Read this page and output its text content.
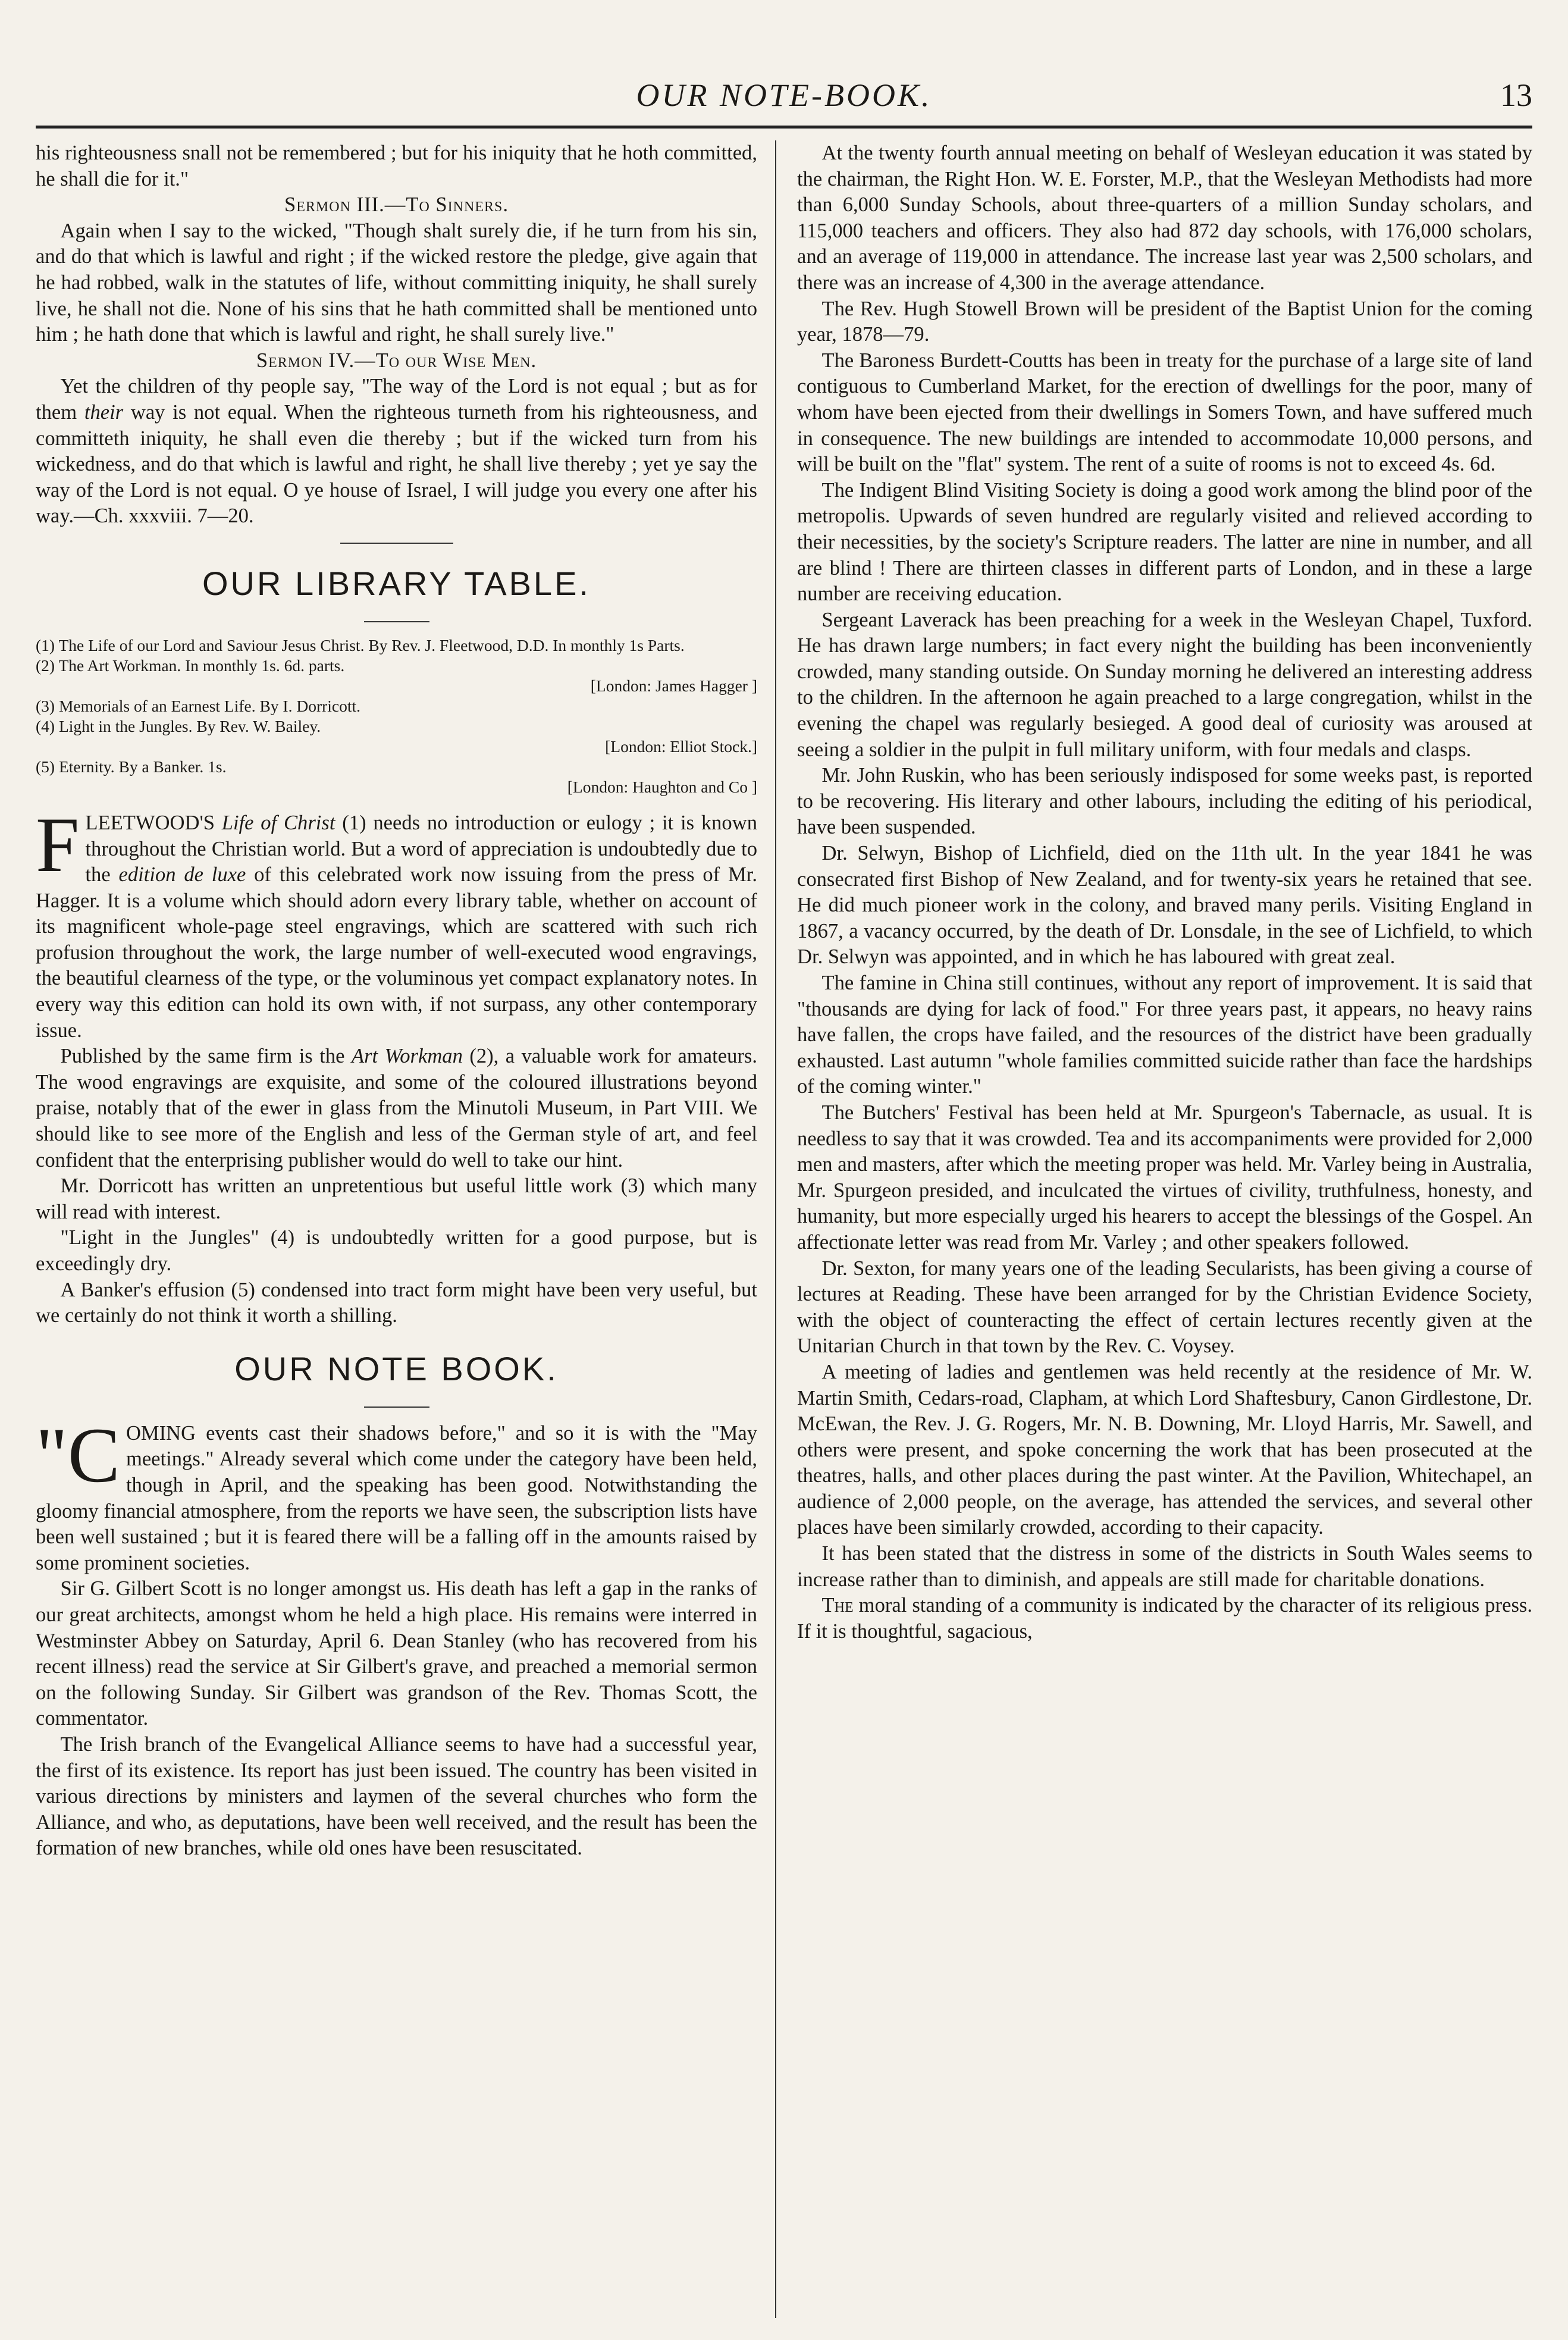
OUR NOTE-BOOK.	13

his righteousness snall not be remembered ; but for his iniquity that he hoth committed, he shall die for it."

Sermon III.—To Sinners.

Again when I say to the wicked, "Though shalt surely die, if he turn from his sin, and do that which is lawful and right ; if the wicked restore the pledge, give again that he had robbed, walk in the statutes of life, without committing iniquity, he shall surely live, he shall not die. None of his sins that he hath committed shall be mentioned unto him ; he hath done that which is lawful and right, he shall surely live."

Sermon IV.—To our Wise Men.

Yet the children of thy people say, "The way of the Lord is not equal ; but as for them their way is not equal. When the righteous turneth from his righteousness, and committeth iniquity, he shall even die thereby ; but if the wicked turn from his wickedness, and do that which is lawful and right, he shall live thereby ; yet ye say the way of the Lord is not equal. O ye house of Israel, I will judge you every one after his way.—Ch. xxxviii. 7—20.

OUR LIBRARY TABLE.
(1) The Life of our Lord and Saviour Jesus Christ. By Rev. J. Fleetwood, D.D. In monthly 1s Parts.
(2) The Art Workman. In monthly 1s. 6d. parts.
[London: James Hagger ]
(3) Memorials of an Earnest Life. By I. Dorricott.
(4) Light in the Jungles. By Rev. W. Bailey.
[London: Elliot Stock.]
(5) Eternity. By a Banker. 1s.
[London: Haughton and Co ]

FLEETWOOD'S Life of Christ (1) needs no introduction or eulogy ; it is known throughout the Christian world. But a word of appreciation is undoubtedly due to the edition de luxe of this celebrated work now issuing from the press of Mr. Hagger. It is a volume which should adorn every library table, whether on account of its magnificent whole-page steel engravings, which are scattered with such rich profusion throughout the work, the large number of well-executed wood engravings, the beautiful clearness of the type, or the voluminous yet compact explanatory notes. In every way this edition can hold its own with, if not surpass, any other contemporary issue.

Published by the same firm is the Art Workman (2), a valuable work for amateurs. The wood engravings are exquisite, and some of the coloured illustrations beyond praise, notably that of the ewer in glass from the Minutoli Museum, in Part VIII. We should like to see more of the English and less of the German style of art, and feel confident that the enterprising publisher would do well to take our hint.

Mr. Dorricott has written an unpretentious but useful little work (3) which many will read with interest.

"Light in the Jungles" (4) is undoubtedly written for a good purpose, but is exceedingly dry.

A Banker's effusion (5) condensed into tract form might have been very useful, but we certainly do not think it worth a shilling.

OUR NOTE BOOK.

"COMING events cast their shadows before," and so it is with the "May meetings." Already several which come under the category have been held, though in April, and the speaking has been good. Notwithstanding the gloomy financial atmosphere, from the reports we have seen, the subscription lists have been well sustained ; but it is feared there will be a falling off in the amounts raised by some prominent societies.

Sir G. Gilbert Scott is no longer amongst us. His death has left a gap in the ranks of our great architects, amongst whom he held a high place. His remains were interred in Westminster Abbey on Saturday, April 6. Dean Stanley (who has recovered from his recent illness) read the service at Sir Gilbert's grave, and preached a memorial sermon on the following Sunday. Sir Gilbert was grandson of the Rev. Thomas Scott, the commentator.

The Irish branch of the Evangelical Alliance seems to have had a successful year, the first of its existence. Its report has just been issued. The country has been visited in various directions by ministers and laymen of the several churches who form the Alliance, and who, as deputations, have been well received, and the result has been the formation of new branches, while old ones have been resuscitated.

At the twenty fourth annual meeting on behalf of Wesleyan education it was stated by the chairman, the Right Hon. W. E. Forster, M.P., that the Wesleyan Methodists had more than 6,000 Sunday Schools, about three-quarters of a million Sunday scholars, and 115,000 teachers and officers. They also had 872 day schools, with 176,000 scholars, and an average of 119,000 in attendance. The increase last year was 2,500 scholars, and there was an increase of 4,300 in the average attendance.

The Rev. Hugh Stowell Brown will be president of the Baptist Union for the coming year, 1878—79.

The Baroness Burdett-Coutts has been in treaty for the purchase of a large site of land contiguous to Cumberland Market, for the erection of dwellings for the poor, many of whom have been ejected from their dwellings in Somers Town, and have suffered much in consequence. The new buildings are intended to accommodate 10,000 persons, and will be built on the "flat" system. The rent of a suite of rooms is not to exceed 4s. 6d.

The Indigent Blind Visiting Society is doing a good work among the blind poor of the metropolis. Upwards of seven hundred are regularly visited and relieved according to their necessities, by the society's Scripture readers. The latter are nine in number, and all are blind ! There are thirteen classes in different parts of London, and in these a large number are receiving education.

Sergeant Laverack has been preaching for a week in the Wesleyan Chapel, Tuxford. He has drawn large numbers; in fact every night the building has been inconveniently crowded, many standing outside. On Sunday morning he delivered an interesting address to the children. In the afternoon he again preached to a large congregation, whilst in the evening the chapel was regularly besieged. A good deal of curiosity was aroused at seeing a soldier in the pulpit in full military uniform, with four medals and clasps.

Mr. John Ruskin, who has been seriously indisposed for some weeks past, is reported to be recovering. His literary and other labours, including the editing of his periodical, have been suspended.

Dr. Selwyn, Bishop of Lichfield, died on the 11th ult. In the year 1841 he was consecrated first Bishop of New Zealand, and for twenty-six years he retained that see. He did much pioneer work in the colony, and braved many perils. Visiting England in 1867, a vacancy occurred, by the death of Dr. Lonsdale, in the see of Lichfield, to which Dr. Selwyn was appointed, and in which he has laboured with great zeal.

The famine in China still continues, without any report of improvement. It is said that "thousands are dying for lack of food." For three years past, it appears, no heavy rains have fallen, the crops have failed, and the resources of the district have been gradually exhausted. Last autumn "whole families committed suicide rather than face the hardships of the coming winter."

The Butchers' Festival has been held at Mr. Spurgeon's Tabernacle, as usual. It is needless to say that it was crowded. Tea and its accompaniments were provided for 2,000 men and masters, after which the meeting proper was held. Mr. Varley being in Australia, Mr. Spurgeon presided, and inculcated the virtues of civility, truthfulness, honesty, and humanity, but more especially urged his hearers to accept the blessings of the Gospel. An affectionate letter was read from Mr. Varley ; and other speakers followed.

Dr. Sexton, for many years one of the leading Secularists, has been giving a course of lectures at Reading. These have been arranged for by the Christian Evidence Society, with the object of counteracting the effect of certain lectures recently given at the Unitarian Church in that town by the Rev. C. Voysey.

A meeting of ladies and gentlemen was held recently at the residence of Mr. W. Martin Smith, Cedars-road, Clapham, at which Lord Shaftesbury, Canon Girdlestone, Dr. McEwan, the Rev. J. G. Rogers, Mr. N. B. Downing, Mr. Lloyd Harris, Mr. Sawell, and others were present, and spoke concerning the work that has been prosecuted at the theatres, halls, and other places during the past winter. At the Pavilion, Whitechapel, an audience of 2,000 people, on the average, has attended the services, and several other places have been similarly crowded, according to their capacity.

It has been stated that the distress in some of the districts in South Wales seems to increase rather than to diminish, and appeals are still made for charitable donations.

The moral standing of a community is indicated by the character of its religious press. If it is thoughtful, sagacious,
